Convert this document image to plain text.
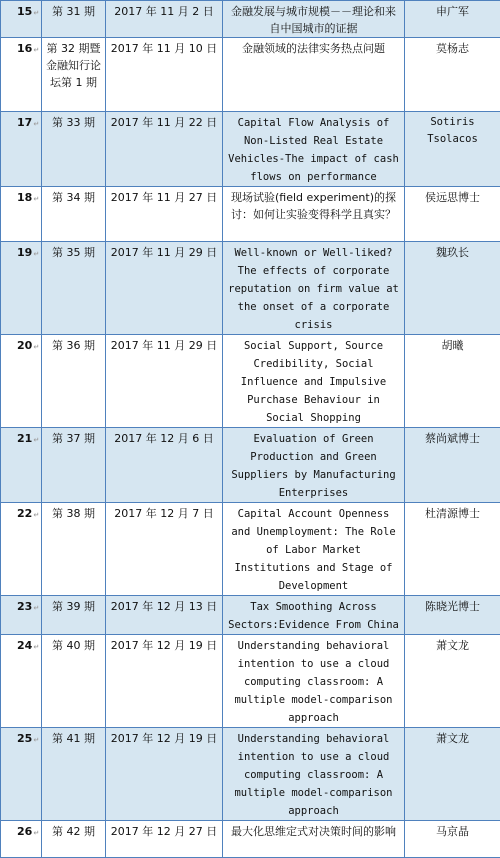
15↵	第 31 期	2017 年 11 月 2 日	金融发展与城市规模－－理论和来自中国城市的证据	申广军
16↵	第 32 期暨金融知行论坛第 1 期	2017 年 11 月 10 日	金融领域的法律实务热点问题	莫杨志
17↵	第 33 期	2017 年 11 月 22 日	Capital Flow Analysis of Non-Listed Real Estate Vehicles-The impact of cash flows on performance	Sotiris Tsolacos
18↵	第 34 期	2017 年 11 月 27 日	现场试验(field experiment)的探讨：如何让实验变得科学且真实？	侯远思博士
19↵	第 35 期	2017 年 11 月 29 日	Well-known or Well-liked? The effects of corporate reputation on firm value at the onset of a corporate crisis	魏玖长
20↵	第 36 期	2017 年 11 月 29 日	Social Support, Source Credibility, Social Influence and Impulsive Purchase Behaviour in Social Shopping	胡曦
21↵	第 37 期	2017 年 12 月 6 日	Evaluation of Green Production and Green Suppliers by Manufacturing Enterprises	蔡尚斌博士
22↵	第 38 期	2017 年 12 月 7 日	Capital Account Openness and Unemployment: The Role of Labor Market Institutions and Stage of Development	杜清源博士
23↵	第 39 期	2017 年 12 月 13 日	Tax Smoothing Across Sectors:Evidence From China	陈晓光博士
24↵	第 40 期	2017 年 12 月 19 日	Understanding behavioral intention to use a cloud computing classroom: A multiple model-comparison approach	萧文龙
25↵	第 41 期	2017 年 12 月 19 日	Understanding behavioral intention to use a cloud computing classroom: A multiple model-comparison approach	萧文龙
26↵	第 42 期	2017 年 12 月 27 日	最大化思维定式对决策时间的影响	马京晶
